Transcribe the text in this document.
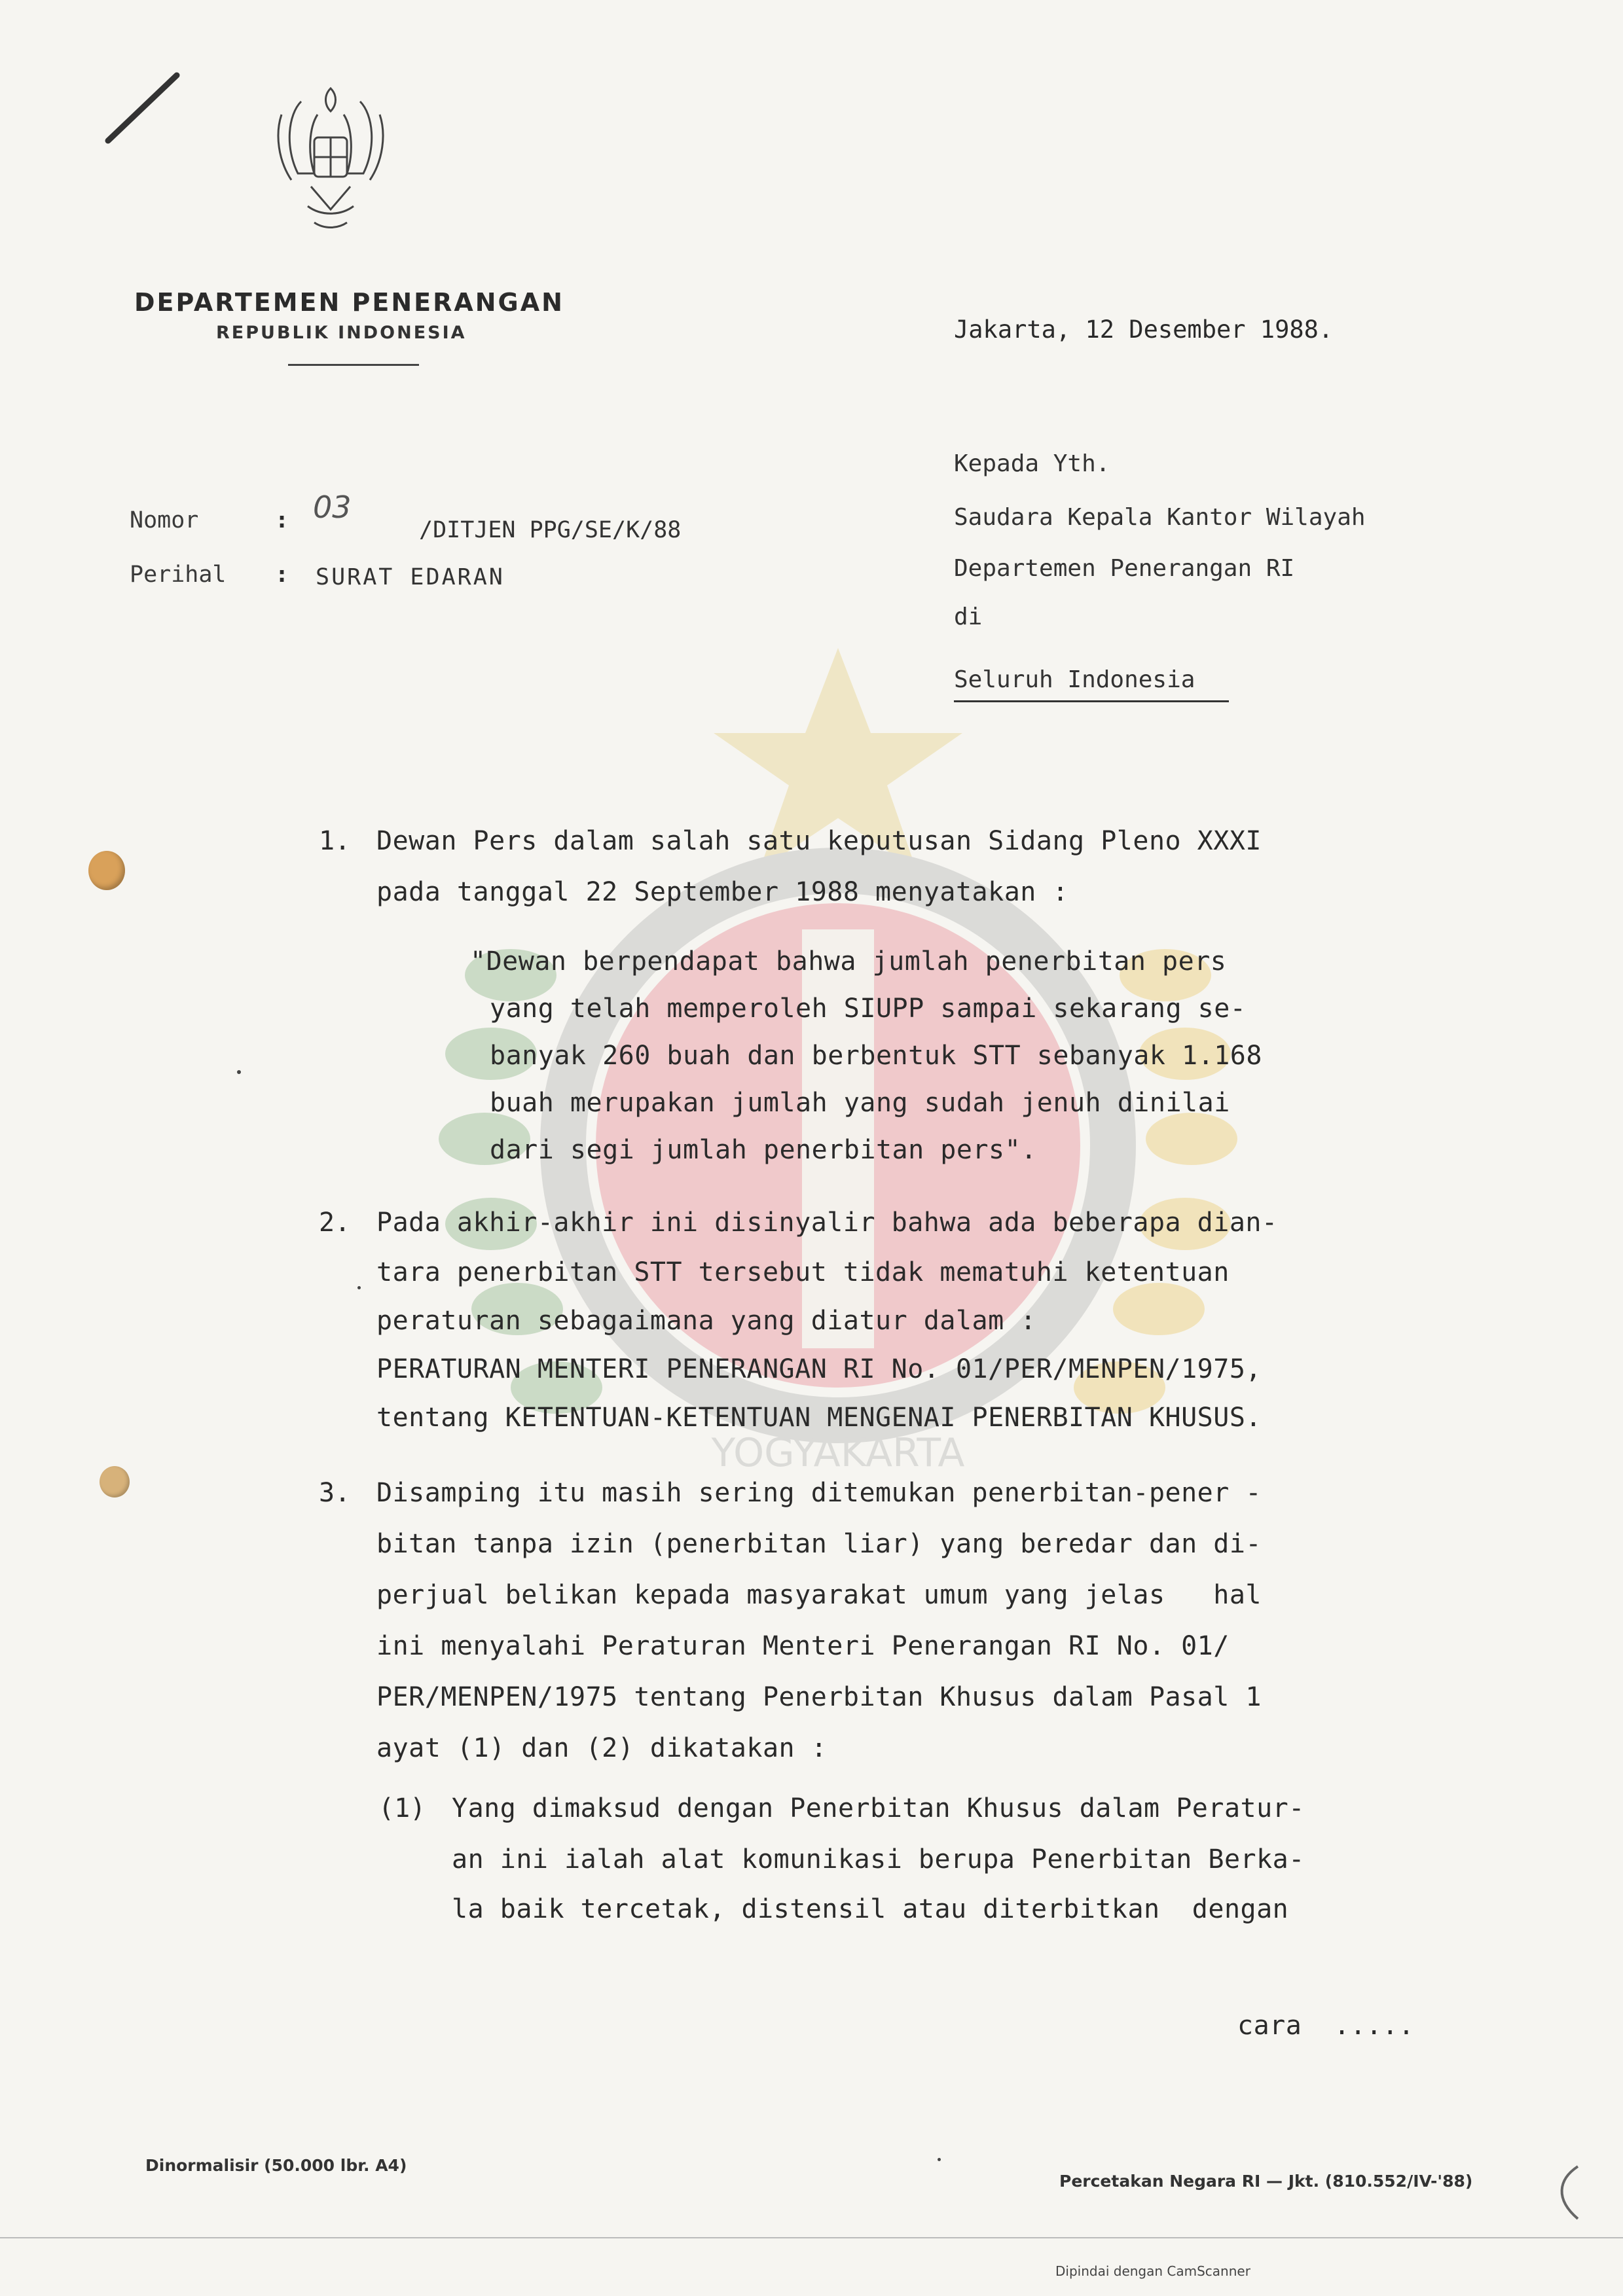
YOGYAKARTA
DEPARTEMEN PENERANGAN
REPUBLIK INDONESIA	Jakarta, 12 Desember 1988.
Kepada Yth.
Saudara Kepala Kantor Wilayah
Departemen Penerangan RI
di
Seluruh Indonesia
Nomor	: 03
/DITJEN PPG/SE/K/88
Perihal : SURAT EDARAN
1. Dewan Pers dalam salah satu keputusan Sidang Pleno XXXI
pada tanggal 22 September 1988 menyatakan :
"Dewan berpendapat bahwa jumlah penerbitan pers
yang telah memperoleh SIUPP sampai sekarang se-
banyak 260 buah dan berbentuk STT sebanyak 1.168
buah merupakan jumlah yang sudah jenuh dinilai
dari segi jumlah penerbitan pers".
2. Pada akhir-akhir ini disinyalir bahwa ada beberapa dian-
tara penerbitan STT tersebut tidak mematuhi ketentuan
peraturan sebagaimana yang diatur dalam :
PERATURAN MENTERI PENERANGAN RI No. 01/PER/MENPEN/1975,
tentang KETENTUAN-KETENTUAN MENGENAI PENERBITAN KHUSUS.
3. Disamping itu masih sering ditemukan penerbitan-pener -
bitan tanpa izin (penerbitan liar) yang beredar dan di-
perjual belikan kepada masyarakat umum yang jelas   hal
ini menyalahi Peraturan Menteri Penerangan RI No. 01/
PER/MENPEN/1975 tentang Penerbitan Khusus dalam Pasal 1
ayat (1) dan (2) dikatakan :
(1) Yang dimaksud dengan Penerbitan Khusus dalam Peratur-
an ini ialah alat komunikasi berupa Penerbitan Berka-
la baik tercetak, distensil atau diterbitkan  dengan
cara  .....
Dinormalisir (50.000 lbr. A4)
Percetakan Negara RI — Jkt. (810.552/IV-'88)
Dipindai dengan CamScanner
